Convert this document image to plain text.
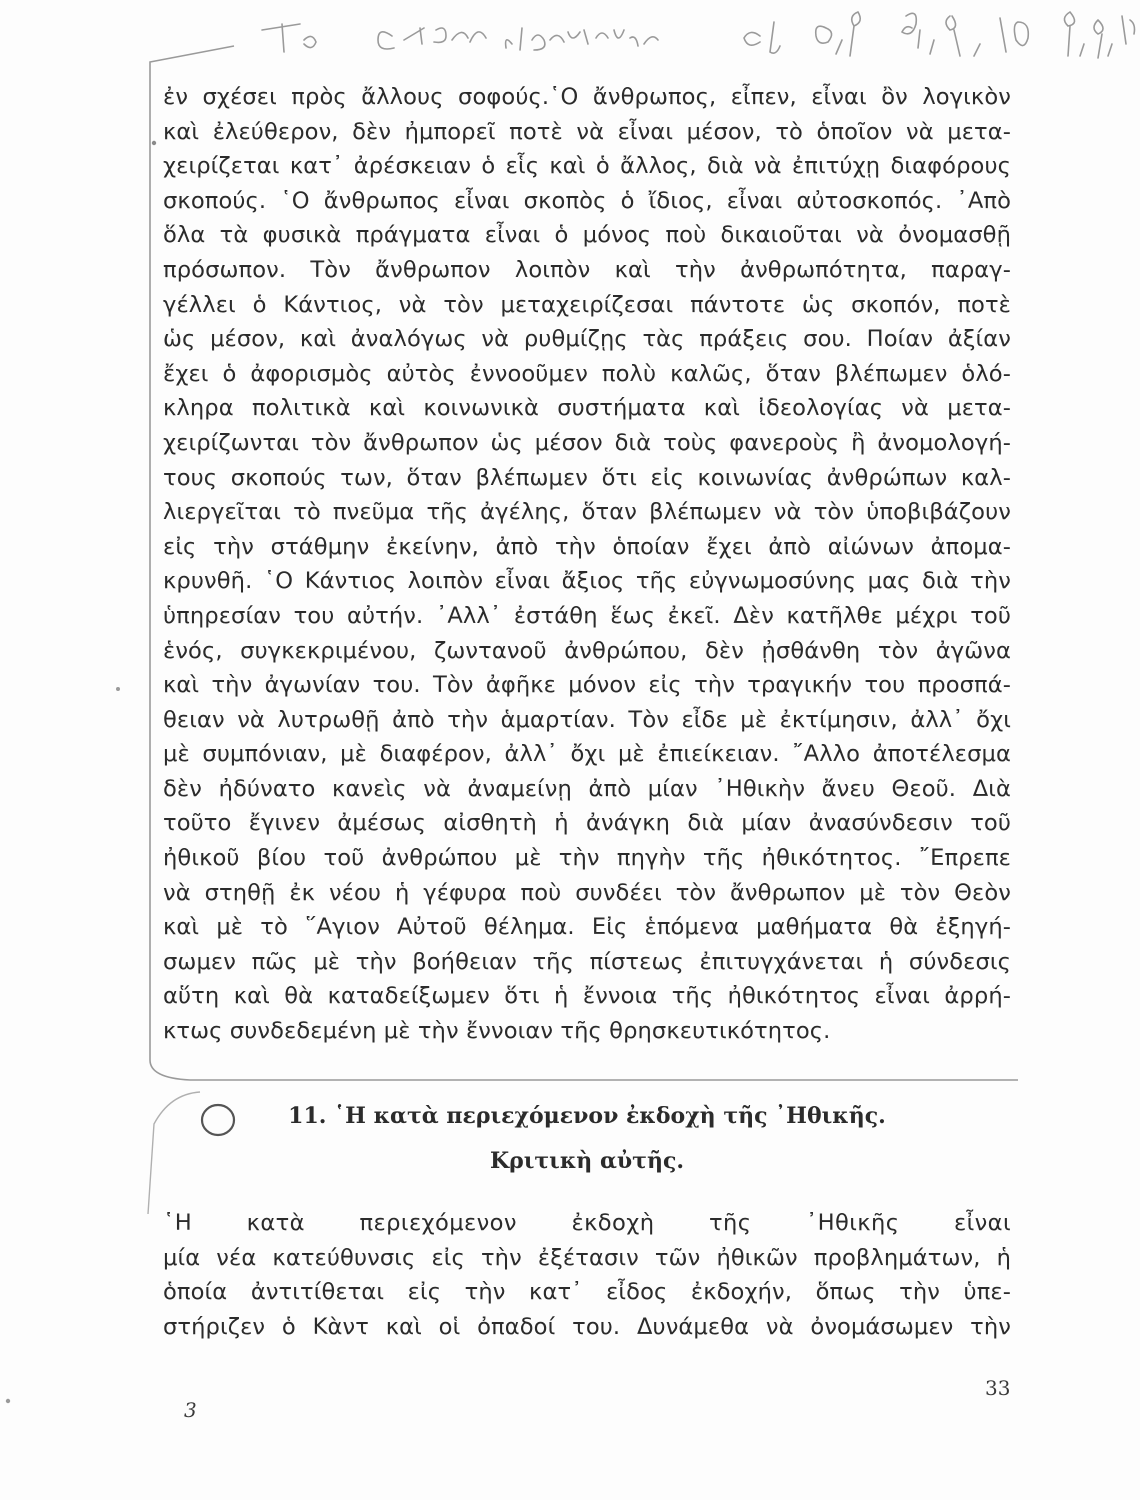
ἐν σχέσει πρὸς ἄλλους σοφούς.῾Ο ἄνθρωπος, εἶπεν, εἶναι ὂν λογικὸν
καὶ ἐλεύθερον, δὲν ἠμπορεῖ ποτὲ νὰ εἶναι μέσον, τὸ ὁποῖον νὰ μετα-
χειρίζεται κατ᾽ ἀρέσκειαν ὁ εἷς καὶ ὁ ἄλλος, διὰ νὰ ἐπιτύχῃ διαφόρους
σκοπούς. ῾Ο ἄνθρωπος εἶναι σκοπὸς ὁ ἴδιος, εἶναι αὐτοσκοπός. ᾽Απὸ
ὅλα τὰ φυσικὰ πράγματα εἶναι ὁ μόνος ποὺ δικαιοῦται νὰ ὀνομασθῇ
πρόσωπον. Τὸν ἄνθρωπον λοιπὸν καὶ τὴν ἀνθρωπότητα, παραγ-
γέλλει ὁ Κάντιος, νὰ τὸν μεταχειρίζεσαι πάντοτε ὡς σκοπόν, ποτὲ
ὡς μέσον, καὶ ἀναλόγως νὰ ρυθμίζῃς τὰς πράξεις σου. Ποίαν ἀξίαν
ἔχει ὁ ἀφορισμὸς αὐτὸς ἐννοοῦμεν πολὺ καλῶς, ὅταν βλέπωμεν ὁλό-
κληρα πολιτικὰ καὶ κοινωνικὰ συστήματα καὶ ἰδεολογίας νὰ μετα-
χειρίζωνται τὸν ἄνθρωπον ὡς μέσον διὰ τοὺς φανεροὺς ἢ ἀνομολογή-
τους σκοπούς των, ὅταν βλέπωμεν ὅτι εἰς κοινωνίας ἀνθρώπων καλ-
λιεργεῖται τὸ πνεῦμα τῆς ἀγέλης, ὅταν βλέπωμεν νὰ τὸν ὑποβιβάζουν
εἰς τὴν στάθμην ἐκείνην, ἀπὸ τὴν ὁποίαν ἔχει ἀπὸ αἰώνων ἀπομα-
κρυνθῆ. ῾Ο Κάντιος λοιπὸν εἶναι ἄξιος τῆς εὐγνωμοσύνης μας διὰ τὴν
ὑπηρεσίαν του αὐτήν. ᾽Αλλ᾽ ἐστάθη ἕως ἐκεῖ. Δὲν κατῆλθε μέχρι τοῦ
ἑνός, συγκεκριμένου, ζωντανοῦ ἀνθρώπου, δὲν ᾐσθάνθη τὸν ἀγῶνα
καὶ τὴν ἀγωνίαν του. Τὸν ἀφῆκε μόνον εἰς τὴν τραγικήν του προσπά-
θειαν νὰ λυτρωθῇ ἀπὸ τὴν ἁμαρτίαν. Τὸν εἶδε μὲ ἐκτίμησιν, ἀλλ᾽ ὄχι
μὲ συμπόνιαν, μὲ διαφέρον, ἀλλ᾽ ὄχι μὲ ἐπιείκειαν. ῎Αλλο ἀποτέλεσμα
δὲν ἠδύνατο κανεὶς νὰ ἀναμείνῃ ἀπὸ μίαν ᾽Ηθικὴν ἄνευ Θεοῦ. Διὰ
τοῦτο ἔγινεν ἀμέσως αἰσθητὴ ἡ ἀνάγκη διὰ μίαν ἀνασύνδεσιν τοῦ
ἠθικοῦ βίου τοῦ ἀνθρώπου μὲ τὴν πηγὴν τῆς ἠθικότητος. ῎Επρεπε
νὰ στηθῇ ἐκ νέου ἡ γέφυρα ποὺ συνδέει τὸν ἄνθρωπον μὲ τὸν Θεὸν
καὶ μὲ τὸ ῞Αγιον Αὐτοῦ θέλημα. Εἰς ἑπόμενα μαθήματα θὰ ἐξηγή-
σωμεν πῶς μὲ τὴν βοήθειαν τῆς πίστεως ἐπιτυγχάνεται ἡ σύνδεσις
αὕτη καὶ θὰ καταδείξωμεν ὅτι ἡ ἔννοια τῆς ἠθικότητος εἶναι ἀρρή-
κτως συνδεδεμένη μὲ τὴν ἔννοιαν τῆς θρησκευτικότητος.
11. ῾Η κατὰ περιεχόμενον ἐκδοχὴ τῆς ᾽Ηθικῆς.
Κριτικὴ αὐτῆς.
῾Η κατὰ περιεχόμενον ἐκδοχὴ τῆς ᾽Ηθικῆς εἶναι
μία νέα κατεύθυνσις εἰς τὴν ἐξέτασιν τῶν ἠθικῶν προβλημάτων, ἡ
ὁποία ἀντιτίθεται εἰς τὴν κατ᾽ εἶδος ἐκδοχήν, ὅπως τὴν ὑπε-
στήριζεν ὁ Κὰντ καὶ οἱ ὀπαδοί του. Δυνάμεθα νὰ ὀνομάσωμεν τὴν
33
3
